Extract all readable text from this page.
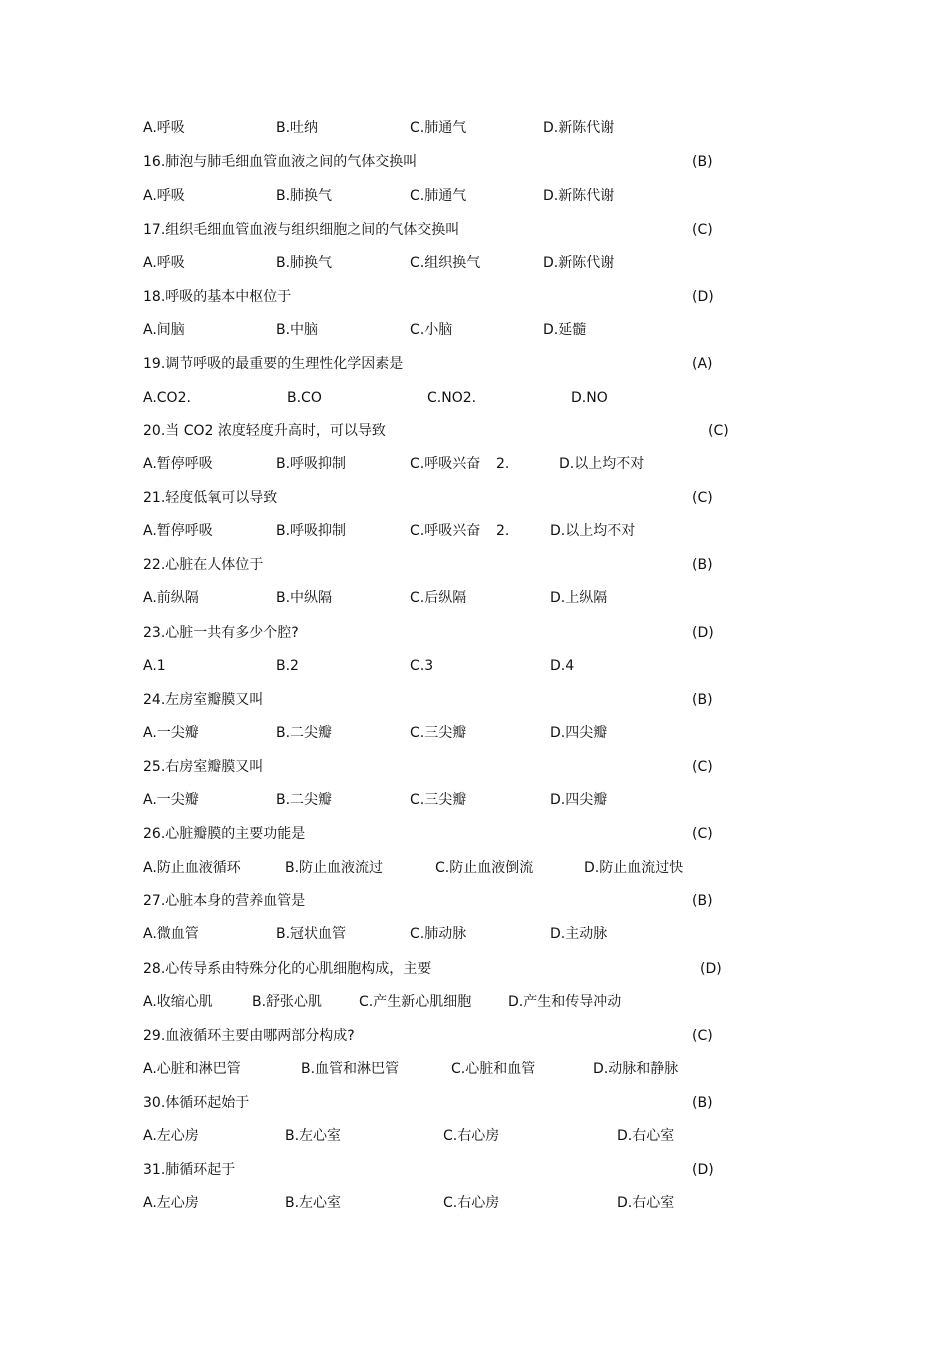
A.呼吸	B.吐纳	C.肺通气	D.新陈代谢
16.肺泡与肺毛细血管血液之间的气体交换叫	(B)
A.呼吸	B.肺换气	C.肺通气	D.新陈代谢
17.组织毛细血管血液与组织细胞之间的气体交换叫	(C)
A.呼吸	B.肺换气	C.组织换气	D.新陈代谢
18.呼吸的基本中枢位于	(D)
A.间脑	B.中脑	C.小脑	D.延髓
19.调节呼吸的最重要的生理性化学因素是	(A)
A.CO2.	B.CO	C.NO2.	D.NO
20.当 CO2 浓度轻度升高时，可以导致	(C)
A.暂停呼吸	B.呼吸抑制	C.呼吸兴奋 2.	D.以上均不对
21.轻度低氧可以导致	(C)
A.暂停呼吸	B.呼吸抑制	C.呼吸兴奋 2.	D.以上均不对
22.心脏在人体位于	(B)
A.前纵隔	B.中纵隔	C.后纵隔	D.上纵隔
23.心脏一共有多少个腔?	(D)
A.1	B.2	C.3	D.4
24.左房室瓣膜又叫	(B)
A.一尖瓣	B.二尖瓣	C.三尖瓣	D.四尖瓣
25.右房室瓣膜又叫	(C)
A.一尖瓣	B.二尖瓣	C.三尖瓣	D.四尖瓣
26.心脏瓣膜的主要功能是	(C)
A.防止血液循环	B.防止血液流过	C.防止血液倒流	D.防止血流过快
27.心脏本身的营养血管是	(B)
A.微血管	B.冠状血管	C.肺动脉	D.主动脉
28.心传导系由特殊分化的心肌细胞构成，主要	(D)
A.收缩心肌	B.舒张心肌	C.产生新心肌细胞	D.产生和传导冲动
29.血液循环主要由哪两部分构成?	(C)
A.心脏和淋巴管	B.血管和淋巴管	C.心脏和血管	D.动脉和静脉
30.体循环起始于	(B)
A.左心房	B.左心室	C.右心房	D.右心室
31.肺循环起于	(D)
A.左心房	B.左心室	C.右心房	D.右心室
